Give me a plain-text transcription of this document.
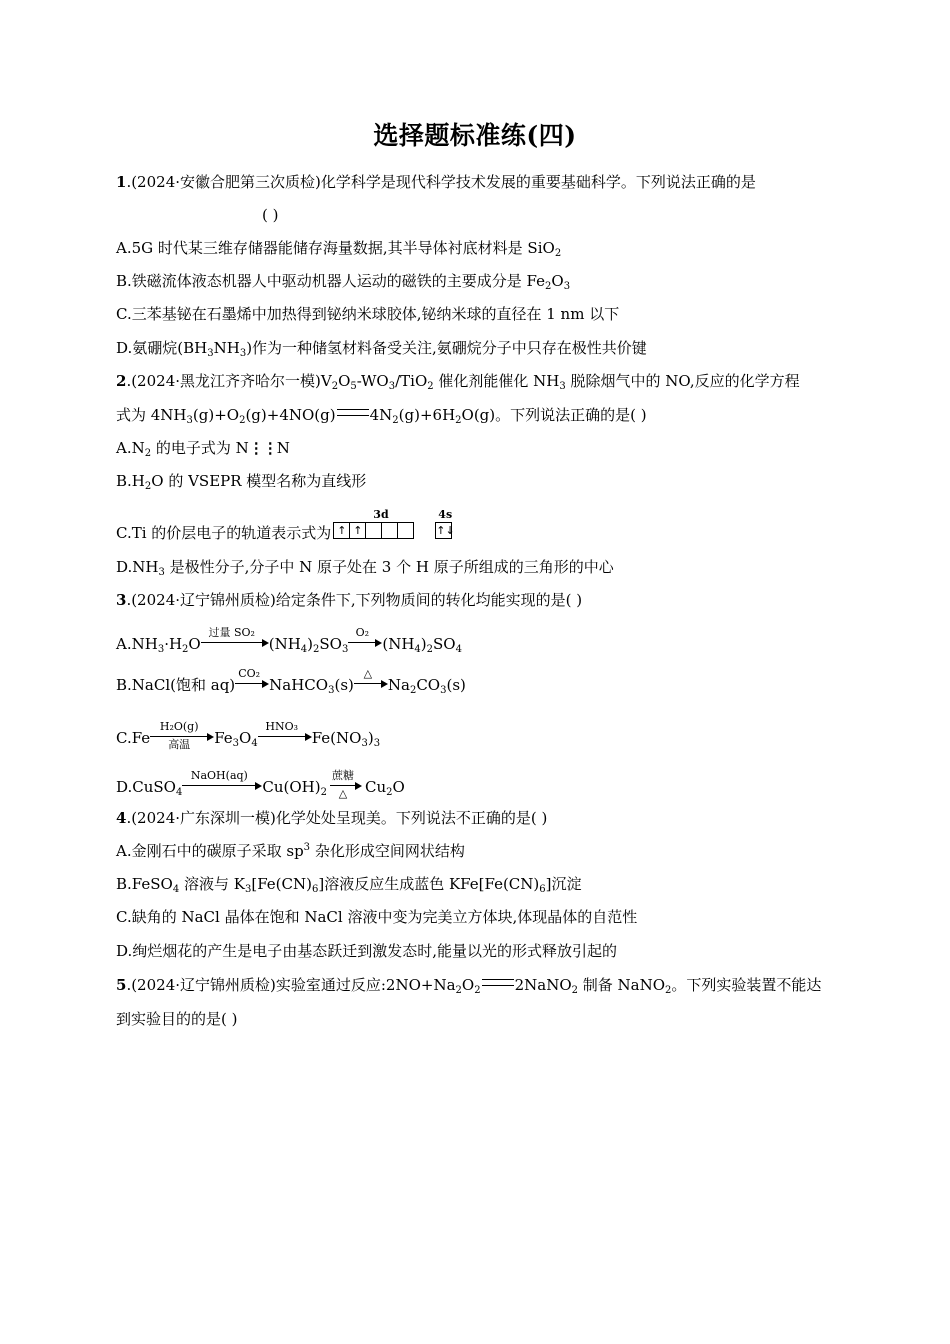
选择题标准练(四)
1.(2024·安徽合肥第三次质检)化学科学是现代科学技术发展的重要基础科学。下列说法正确的是
( )
A.5G 时代某三维存储器能储存海量数据,其半导体衬底材料是 SiO$_2$
B.铁磁流体液态机器人中驱动机器人运动的磁铁的主要成分是 $Fe_2O_3$
C.三苯基铋在石墨烯中加热得到铋纳米球胶体,铋纳米球的直径在 1 nm 以下
D.氨硼烷$(BH_3NH_3)$作为一种储氢材料备受关注,氨硼烷分子中只存在极性共价键
2.(2024·黑龙江齐齐哈尔一模)$V_2O_5-WO_3/TiO_2$ 催化剂能催化 $NH_3$ 脱除烟气中的 NO,反应的化学方程
式为 $4NH_3(g)+O_2(g)+4NO(g)$ $4N_2(g)+6H_2O(g)$。下列说法正确的是( )
$A.N_2$ 的电子式为 N⋮⋮N
$B.H_2O$ 的 VSEPR 模型名称为直线形
C.Ti 的价层电子的轨道表示式为
3d	4s
↑ ↑	↑↓
$D.NH_3$ 是极性分子,分子中 N 原子处在 3 个 H 原子所组成的三角形的中心
3.(2024·辽宁锦州质检)给定条件下,下列物质间的转化均能实现的是( )
$A.NH_3\cdot H_2O$
过量 SO₂
$(NH_4)_2SO_3$
O₂
$(NH_4)_2SO_4$
B.NaCl(饱和 aq)
CO₂
NaHCO$_3$(s)
△
$Na_2CO_3(s)$
C.Fe
H₂O(g)
高温	$Fe_3O_4$
HNO₃
$Fe(NO_3)_3$
D.CuSO$_4$
NaOH(aq)
$Cu(OH)_2$
蔗糖
△	$Cu_2O$
4.(2024·广东深圳一模)化学处处呈现美。下列说法不正确的是( )
A.金刚石中的碳原子采取 $sp^3$ 杂化形成空间网状结构
B.FeSO$_4$ 溶液与 $K_3[Fe(CN)_6]$溶液反应生成蓝色 $KFe[Fe(CN)_6]$沉淀
C.缺角的 NaCl 晶体在饱和 NaCl 溶液中变为完美立方体块,体现晶体的自范性
D.绚烂烟花的产生是电子由基态跃迁到激发态时,能量以光的形式释放引起的
5.(2024·辽宁锦州质检)实验室通过反应$:2NO+Na_2O_2$ 2NaNO$_2$ 制备 NaNO$_2$。下列实验装置不能达
到实验目的的是( )
